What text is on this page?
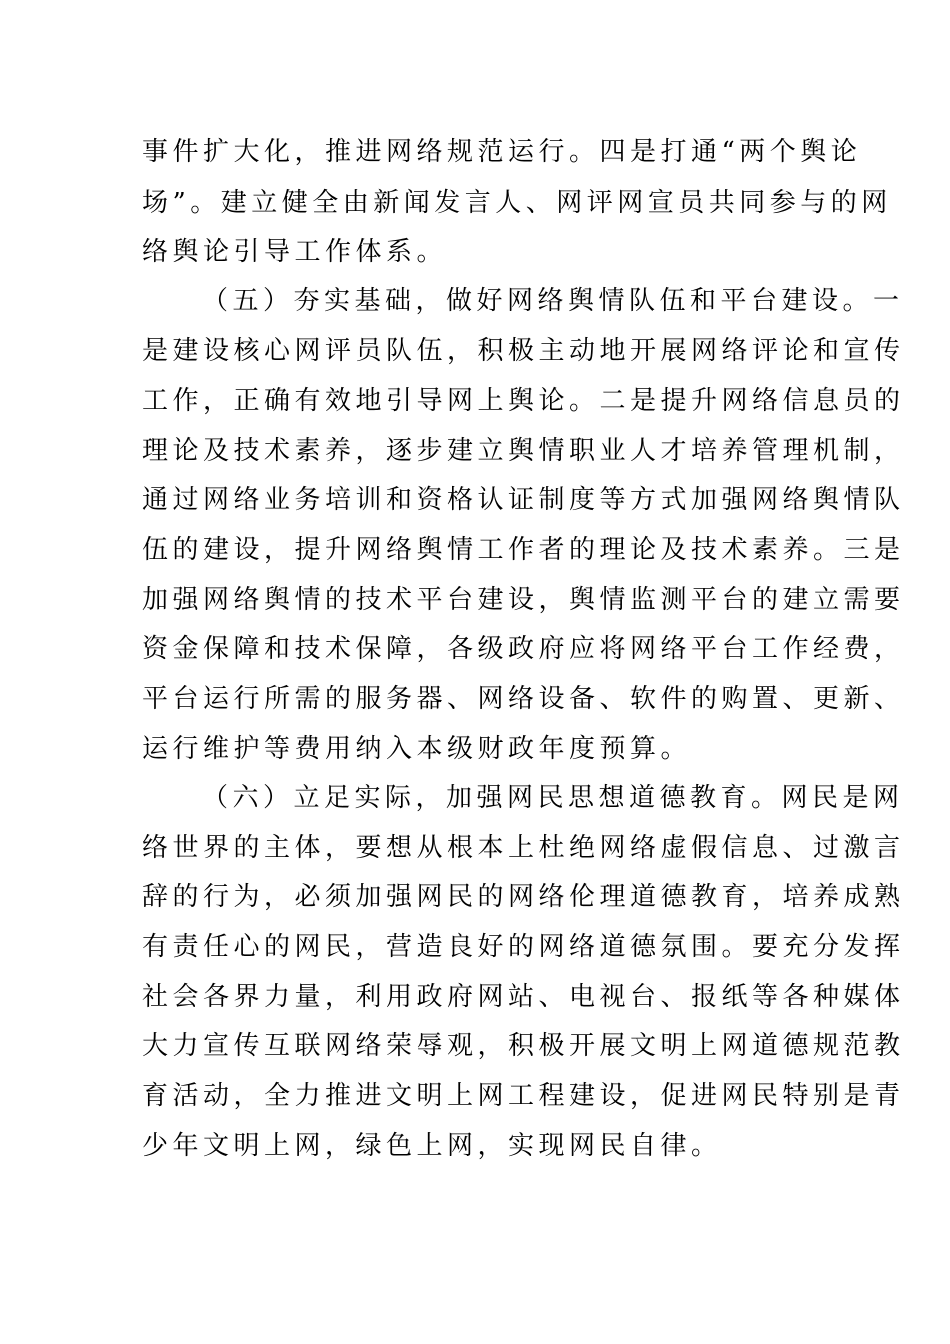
事件扩大化，推进网络规范运行。四是打通“两个舆论
场”。建立健全由新闻发言人、网评网宣员共同参与的网
络舆论引导工作体系。
（五）夯实基础，做好网络舆情队伍和平台建设。一
是建设核心网评员队伍，积极主动地开展网络评论和宣传
工作，正确有效地引导网上舆论。二是提升网络信息员的
理论及技术素养，逐步建立舆情职业人才培养管理机制，
通过网络业务培训和资格认证制度等方式加强网络舆情队
伍的建设，提升网络舆情工作者的理论及技术素养。三是
加强网络舆情的技术平台建设，舆情监测平台的建立需要
资金保障和技术保障，各级政府应将网络平台工作经费，
平台运行所需的服务器、网络设备、软件的购置、更新、
运行维护等费用纳入本级财政年度预算。
（六）立足实际，加强网民思想道德教育。网民是网
络世界的主体，要想从根本上杜绝网络虚假信息、过激言
辞的行为，必须加强网民的网络伦理道德教育，培养成熟
有责任心的网民，营造良好的网络道德氛围。要充分发挥
社会各界力量，利用政府网站、电视台、报纸等各种媒体
大力宣传互联网络荣辱观，积极开展文明上网道德规范教
育活动，全力推进文明上网工程建设，促进网民特别是青
少年文明上网，绿色上网，实现网民自律。
